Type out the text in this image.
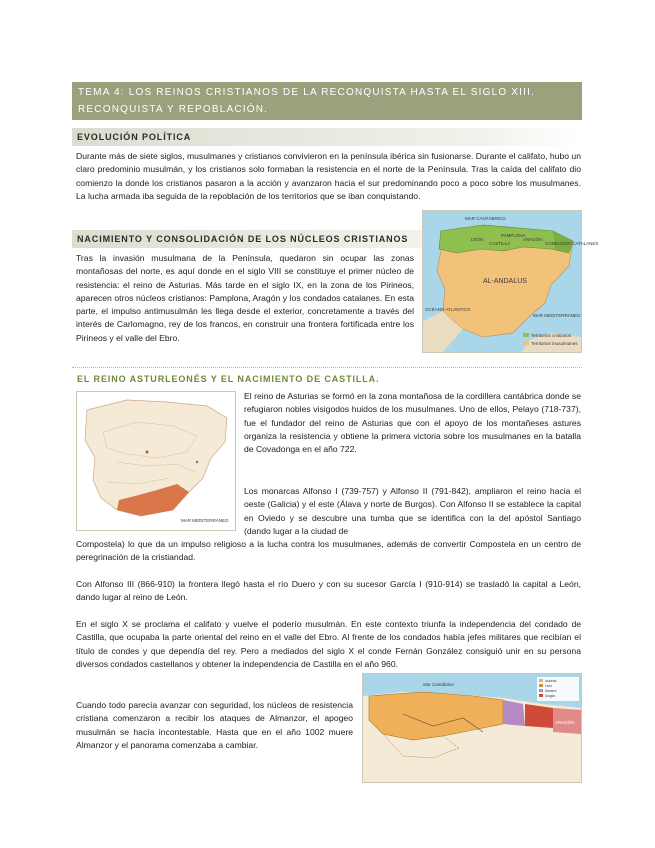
TEMA 4: LOS REINOS CRISTIANOS DE LA RECONQUISTA HASTA EL SIGLO XIII. RECONQUISTA Y REPOBLACIÓN.
EVOLUCIÓN POLÍTICA
Durante más de siete siglos, musulmanes y cristianos convivieron en la península ibérica sin fusionarse. Durante el califato, hubo un claro predominio musulmán, y los cristianos solo formaban la resistencia en el norte de la Península. Tras la caída del califato dio comienzo la donde los cristianos pasaron a la acción y avanzaron hacia el sur predominando poco a poco sobre los musulmanes. La lucha armada iba seguida de la repoblación de los territorios que se iban conquistando.
NACIMIENTO Y CONSOLIDACIÓN DE LOS NÚCLEOS CRISTIANOS
Tras la invasión musulmana de la Península, quedaron sin ocupar las zonas montañosas del norte, es aquí donde en el siglo VIII se constituye el primer núcleo de resistencia: el reino de Asturias. Más tarde en el siglo IX, en la zona de los Pirineos, aparecen otros núcleos cristianos: Pamplona, Aragón y los condados catalanes. En esta parte, el impulso antimusulmán les llega desde el exterior, concretamente a través del interés de Carlomagno, rey de los francos, en construir una frontera fortificada entre los Pirineos y el valle del Ebro.
MAR CANTÁBRICO
PAMPLONA
LEÓN
CASTILLA
ARAGÓN
CONDADOS CATALANES
AL-ANDALUS
OCÉANO ATLÁNTICO
MAR MEDITERRÁNEO
Territorios cristianos
Territorios musulmanes
EL REINO ASTURLEONÉS Y EL NACIMIENTO DE CASTILLA.
MAR MEDITERRÁNEO
El reino de Asturias se formó en la zona montañosa de la cordillera cantábrica donde se refugiaron nobles visigodos huidos de los musulmanes. Uno de ellos, Pelayo (718-737), fue el fundador del reino de Asturias que con el apoyo de los montañeses astures organiza la resistencia y obtiene la primera victoria sobre los musulmanes en la batalla de Covadonga en el año 722.
Los monarcas Alfonso I (739-757) y Alfonso II (791-842), ampliaron el reino hacia el oeste (Galicia) y el este (Álava y norte de Burgos). Con Alfonso II se establece la capital en Oviedo y se descubre una tumba que se identifica con la del apóstol Santiago (dando lugar a la ciudad de
Compostela) lo que da un impulso religioso a la lucha contra los musulmanes, además de convertir Compostela en un centro de peregrinación de la cristiandad.
Con Alfonso III (866-910) la frontera llegó hasta el río Duero y con su sucesor García I (910-914) se trasladó la capital a León, dando lugar al reino de León.
En el siglo X se proclama el califato y vuelve el poderío musulmán. En este contexto triunfa la independencia del condado de Castilla, que ocupaba la parte oriental del reino en el valle del Ebro. Al frente de los condados había jefes militares que recibían el título de condes y que dependía del rey. Pero a mediados del siglo X el conde Fernán González consiguió unir en su persona diversos condados castellanos y obtener la independencia de Castilla en el año 960.
Cuando todo parecía avanzar con seguridad, los núcleos de resistencia cristiana comenzaron a recibir los ataques de Almanzor, el apogeo musulmán se hacía incontestable. Hasta que en el año 1002 muere Almanzor y el panorama comenzaba a cambiar.
Mar Cantábrico
ARAGÓN
Asturias
León
Navarra
Aragón
